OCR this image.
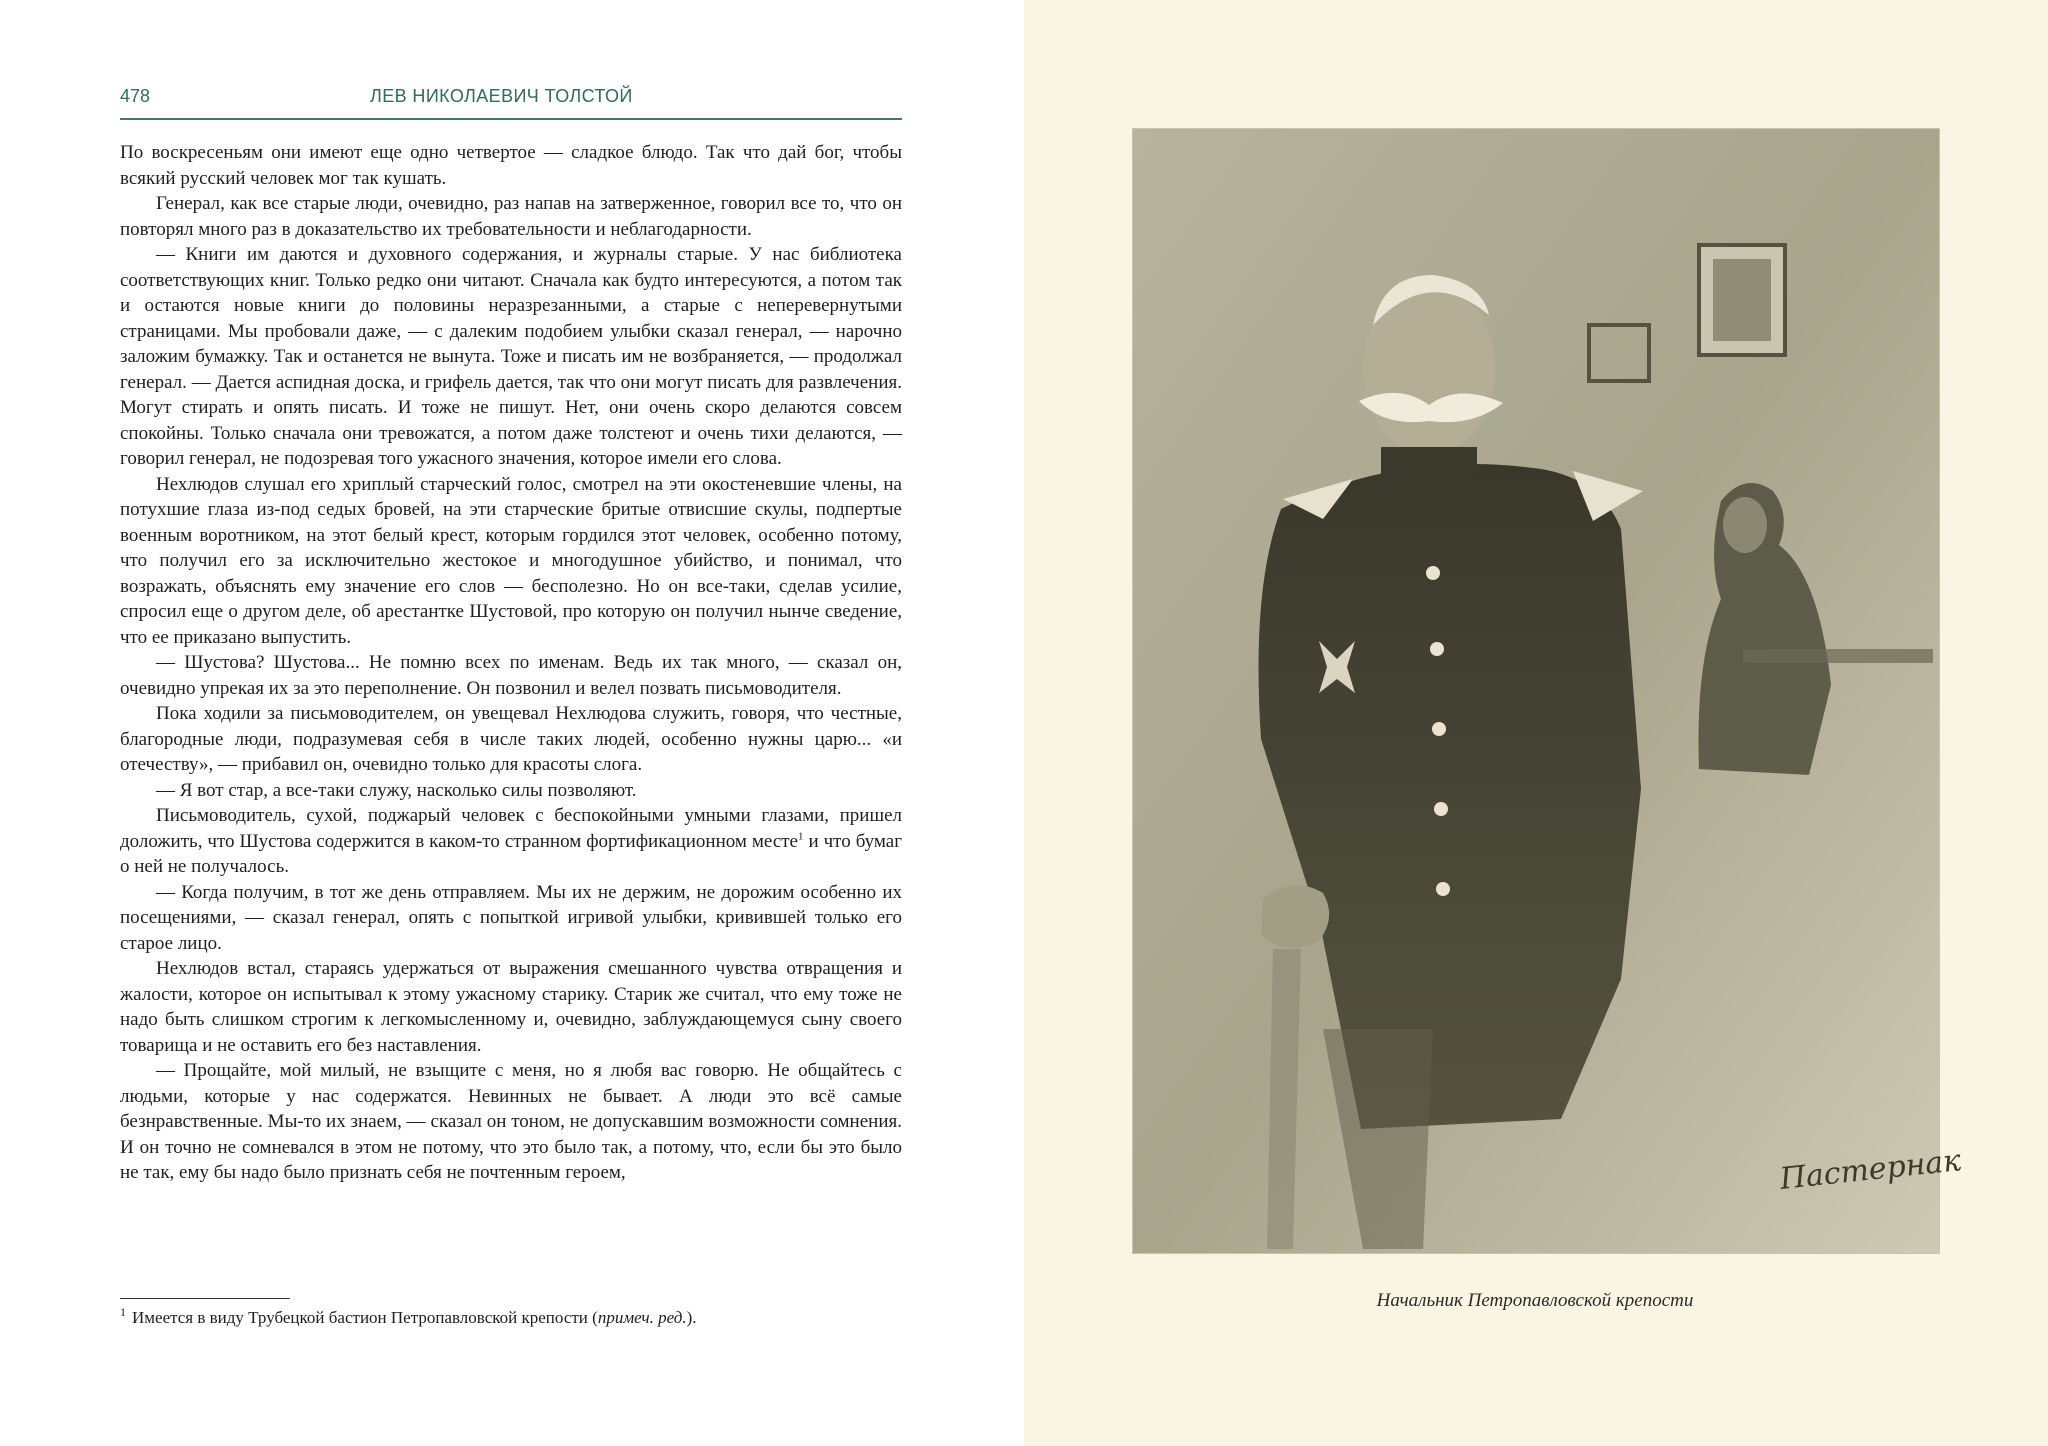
478	ЛЕВ НИКОЛАЕВИЧ ТОЛСТОЙ

По воскресеньям они имеют еще одно четвертое — сладкое блюдо. Так что дай бог, чтобы всякий русский человек мог так кушать.

Генерал, как все старые люди, очевидно, раз напав на затверженное, говорил все то, что он повторял много раз в доказательство их требовательности и неблагодарности.

— Книги им даются и духовного содержания, и журналы старые. У нас библиотека соответствующих книг. Только редко они читают. Сначала как будто интересуются, а потом так и остаются новые книги до половины неразрезанными, а старые с неперевернутыми страницами. Мы пробовали даже, — с далеким подобием улыбки сказал генерал, — нарочно заложим бумажку. Так и останется не вынута. Тоже и писать им не возбраняется, — продолжал генерал. — Дается аспидная доска, и грифель дается, так что они могут писать для развлечения. Могут стирать и опять писать. И тоже не пишут. Нет, они очень скоро делаются совсем спокойны. Только сначала они тревожатся, а потом даже толстеют и очень тихи делаются, — говорил генерал, не подозревая того ужасного значения, которое имели его слова.

Нехлюдов слушал его хриплый старческий голос, смотрел на эти окостеневшие члены, на потухшие глаза из-под седых бровей, на эти старческие бритые отвисшие скулы, подпертые военным воротником, на этот белый крест, которым гордился этот человек, особенно потому, что получил его за исключительно жестокое и многодушное убийство, и понимал, что возражать, объяснять ему значение его слов — бесполезно. Но он все-таки, сделав усилие, спросил еще о другом деле, об арестантке Шустовой, про которую он получил нынче сведение, что ее приказано выпустить.

— Шустова? Шустова... Не помню всех по именам. Ведь их так много, — сказал он, очевидно упрекая их за это переполнение. Он позвонил и велел позвать письмоводителя.

Пока ходили за письмоводителем, он увещевал Нехлюдова служить, говоря, что честные, благородные люди, подразумевая себя в числе таких людей, особенно нужны царю... «и отечеству», — прибавил он, очевидно только для красоты слога.

— Я вот стар, а все-таки служу, насколько силы позволяют.

Письмоводитель, сухой, поджарый человек с беспокойными умными глазами, пришел доложить, что Шустова содержится в каком-то странном фортификационном месте$^1$ и что бумаг о ней не получалось.

— Когда получим, в тот же день отправляем. Мы их не держим, не дорожим особенно их посещениями, — сказал генерал, опять с попыткой игривой улыбки, кривившей только его старое лицо.

Нехлюдов встал, стараясь удержаться от выражения смешанного чувства отвращения и жалости, которое он испытывал к этому ужасному старику. Старик же считал, что ему тоже не надо быть слишком строгим к легкомысленному и, очевидно, заблуждающемуся сыну своего товарища и не оставить его без наставления.

— Прощайте, мой милый, не взыщите с меня, но я любя вас говорю. Не общайтесь с людьми, которые у нас содержатся. Невинных не бывает. А люди это всё самые безнравственные. Мы-то их знаем, — сказал он тоном, не допускавшим возможности сомнения. И он точно не сомневался в этом не потому, что это было так, а потому, что, если бы это было не так, ему бы надо было признать себя не почтенным героем,

$^1$ Имеется в виду Трубецкой бастион Петропавловской крепости (примеч. ред.).
Пастернак
Начальник Петропавловской крепости
